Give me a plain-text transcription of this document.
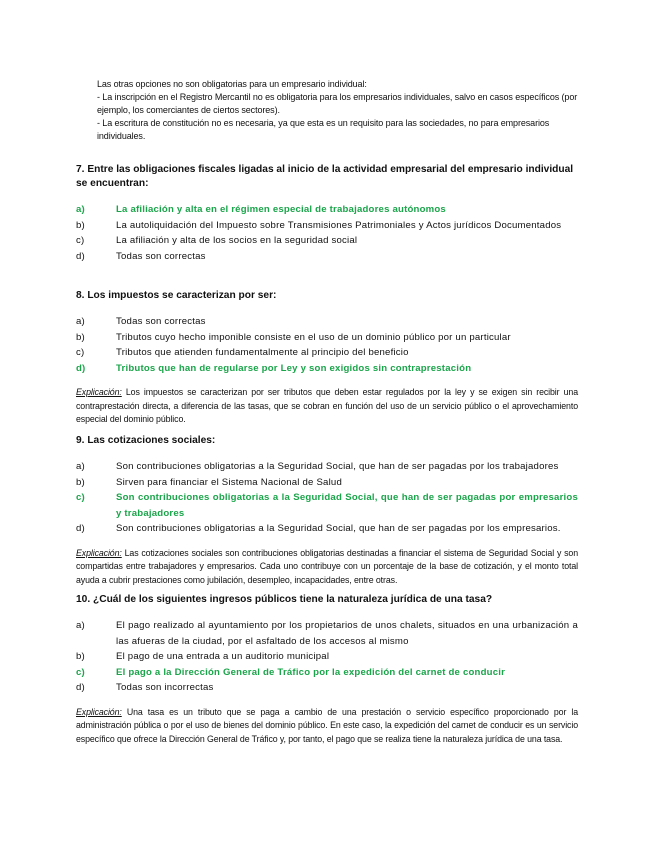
Las otras opciones no son obligatorias para un empresario individual:

- La inscripción en el Registro Mercantil no es obligatoria para los empresarios individuales, salvo en casos específicos (por ejemplo, los comerciantes de ciertos sectores).

- La escritura de constitución no es necesaria, ya que esta es un requisito para las sociedades, no para empresarios individuales.

7. Entre las obligaciones fiscales ligadas al inicio de la actividad empresarial del empresario individual se encuentran:

a)	La afiliación y alta en el régimen especial de trabajadores autónomos
b)	La autoliquidación del Impuesto sobre Transmisiones Patrimoniales y Actos jurídicos Documentados
c)	La afiliación y alta de los socios en la seguridad social
d)	Todas son correctas

8. Los impuestos se caracterizan por ser:

a)	Todas son correctas
b)	Tributos cuyo hecho imponible consiste en el uso de un dominio público por un particular
c)	Tributos que atienden fundamentalmente al principio del beneficio
d)	Tributos que han de regularse por Ley y son exigidos sin contraprestación

Explicación: Los impuestos se caracterizan por ser tributos que deben estar regulados por la ley y se exigen sin recibir una contraprestación directa, a diferencia de las tasas, que se cobran en función del uso de un servicio público o el aprovechamiento especial del dominio público.

9. Las cotizaciones sociales:

a)	Son contribuciones obligatorias a la Seguridad Social, que han de ser pagadas por los trabajadores
b)	Sirven para financiar el Sistema Nacional de Salud
c)	Son contribuciones obligatorias a la Seguridad Social, que han de ser pagadas por empresarios y trabajadores
d)	Son contribuciones obligatorias a la Seguridad Social, que han de ser pagadas por los empresarios.

Explicación: Las cotizaciones sociales son contribuciones obligatorias destinadas a financiar el sistema de Seguridad Social y son compartidas entre trabajadores y empresarios. Cada uno contribuye con un porcentaje de la base de cotización, y el monto total ayuda a cubrir prestaciones como jubilación, desempleo, incapacidades, entre otras.

10. ¿Cuál de los siguientes ingresos públicos tiene la naturaleza jurídica de una tasa?

a)	El pago realizado al ayuntamiento por los propietarios de unos chalets, situados en una urbanización a las afueras de la ciudad, por el asfaltado de los accesos al mismo
b)	El pago de una entrada a un auditorio municipal
c)	El pago a la Dirección General de Tráfico por la expedición del carnet de conducir
d)	Todas son incorrectas

Explicación: Una tasa es un tributo que se paga a cambio de una prestación o servicio específico proporcionado por la administración pública o por el uso de bienes del dominio público. En este caso, la expedición del carnet de conducir es un servicio específico que ofrece la Dirección General de Tráfico y, por tanto, el pago que se realiza tiene la naturaleza jurídica de una tasa.
